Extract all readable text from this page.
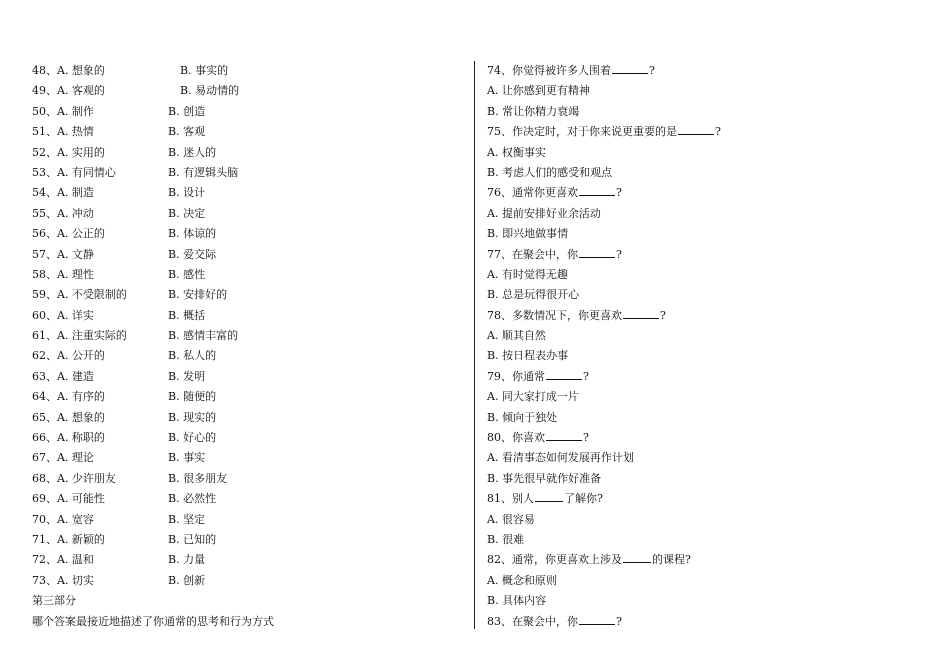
48、A. 想象的	B. 事实的
49、A. 客观的	B. 易动情的
50、A. 制作	B. 创造
51、A. 热情	B. 客观
52、A. 实用的	B. 迷人的
53、A. 有同情心	B. 有逻辑头脑
54、A. 制造	B. 设计
55、A. 冲动	B. 决定
56、A. 公正的	B. 体谅的
57、A. 文静	B. 爱交际
58、A. 理性	B. 感性
59、A. 不受限制的	B. 安排好的
60、A. 详实	B. 概括
61、A. 注重实际的	B. 感情丰富的
62、A. 公开的	B. 私人的
63、A. 建造	B. 发明
64、A. 有序的	B. 随便的
65、A. 想象的	B. 现实的
66、A. 称职的	B. 好心的
67、A. 理论	B. 事实
68、A. 少许朋友	B. 很多朋友
69、A. 可能性	B. 必然性
70、A. 宽容	B. 坚定
71、A. 新颖的	B. 已知的
72、A. 温和	B. 力量
73、A. 切实	B. 创新
第三部分
哪个答案最接近地描述了你通常的思考和行为方式
74、你觉得被许多人围着	?
A. 让你感到更有精神
B. 常让你精力衰竭
75、作决定时，对于你来说更重要的是	?
A. 权衡事实
B. 考虑人们的感受和观点
76、通常你更喜欢	?
A. 提前安排好业余活动
B. 即兴地做事情
77、在聚会中，你	?
A. 有时觉得无趣
B. 总是玩得很开心
78、多数情况下，你更喜欢	?
A. 顺其自然
B. 按日程表办事
79、你通常	?
A. 同大家打成一片
B. 倾向于独处
80、你喜欢	?
A. 看清事态如何发展再作计划
B. 事先很早就作好准备
81、别人	了解你?
A. 很容易
B. 很难
82、通常，你更喜欢上涉及	的课程?
A. 概念和原则
B. 具体内容
83、在聚会中，你	?
